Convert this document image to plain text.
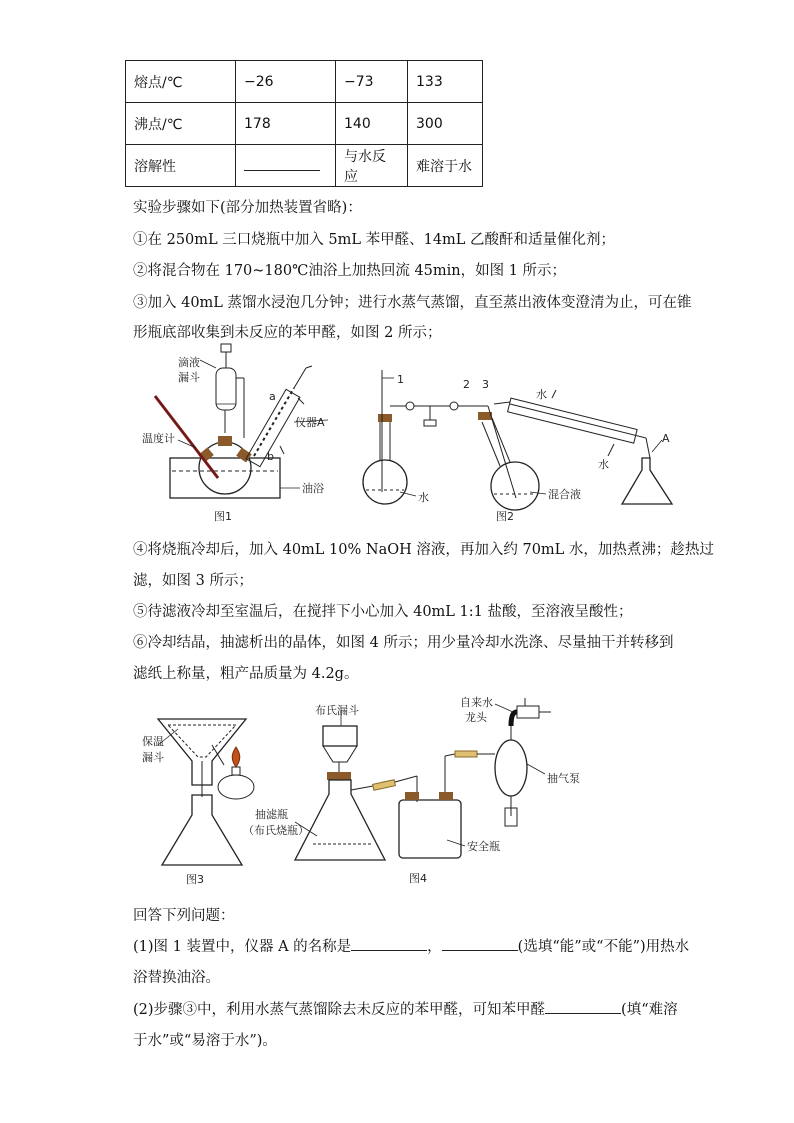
熔点/℃	−26	−73	133
沸点/℃	178	140	300
溶解性		与水反应	难溶于水
实验步骤如下(部分加热装置省略)：
①在 250mL 三口烧瓶中加入 5mL 苯甲醛、14mL 乙酸酐和适量催化剂；
②将混合物在 170~180℃油浴上加热回流 45min，如图 1 所示；
③加入 40mL 蒸馏水浸泡几分钟；进行水蒸气蒸馏，直至蒸出液体变澄清为止，可在锥
形瓶底部收集到未反应的苯甲醛，如图 2 所示；
滴液
漏斗
温度计
仪器A
a
b
油浴
图1
1	2 3
水
水
A
水	混合液
图2
④将烧瓶冷却后，加入 40mL 10% NaOH 溶液，再加入约 70mL 水，加热煮沸；趁热过
滤，如图 3 所示；
⑤待滤液冷却至室温后，在搅拌下小心加入 40mL 1:1 盐酸，至溶液呈酸性；
⑥冷却结晶，抽滤析出的晶体，如图 4 所示；用少量冷却水洗涤、尽量抽干并转移到
滤纸上称量，粗产品质量为 4.2g。
保温
漏斗
图3
布氏漏斗
自来水
龙头
抽气泵
抽滤瓶
（布氏烧瓶）
安全瓶
图4
回答下列问题：
(1)图 1 装置中，仪器 A 的名称是	，	(选填“能”或“不能”)用热水
浴替换油浴。
(2)步骤③中，利用水蒸气蒸馏除去未反应的苯甲醛，可知苯甲醛	(填“难溶
于水”或“易溶于水”)。
